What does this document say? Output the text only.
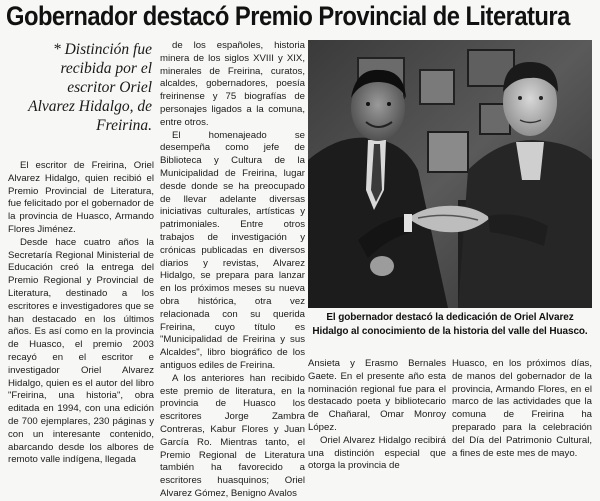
Gobernador destacó Premio Provincial de Literatura
* Distinción fue recibida por el escritor Oriel Alvarez Hidalgo, de Freirina.

El escritor de Freirina, Oriel Alvarez Hidalgo, quien recibió el Premio Provincial de Literatura, fue felicitado por el gobernador de la provincia de Huasco, Armando Flores Jiménez.

Desde hace cuatro años la Secretaría Regional Ministerial de Educación creó la entrega del Premio Regional y Provincial de Literatura, destinado a los escritores e investigadores que se han destacado en los últimos años. Es así como en la provincia de Huasco, el premio 2003 recayó en el escritor e investigador Oriel Alvarez Hidalgo, quien es el autor del libro "Freirina, una historia", obra editada en 1994, con una edición de 700 ejemplares, 230 páginas y con un interesante contenido, abarcando desde los albores de remoto valle indígena, llegada

de los españoles, historia minera de los siglos XVIII y XIX, minerales de Freirina, curatos, alcaldes, gobernadores, poesía freirinense y 75 biografías de personajes ligados a la comuna, entre otros.

El homenajeado se desempeña como jefe de Biblioteca y Cultura de la Municipalidad de Freirina, lugar desde donde se ha preocupado de llevar adelante diversas iniciativas culturales, artísticas y patrimoniales. Entre otros trabajos de investigación y crónicas publicadas en diversos diarios y revistas, Alvarez Hidalgo, se prepara para lanzar en los próximos meses su nueva obra histórica, otra vez relacionada con su querida Freirina, cuyo título es "Municipalidad de Freirina y sus Alcaldes", libro biográfico de los antiguos ediles de Freirina.

A los anteriores han recibido este premio de literatura, en la provincia de Huasco los escritores Jorge Zambra Contreras, Kabur Flores y Juan García Ro. Mientras tanto, el Premio Regional de Literatura también ha favorecido a escritores huasquinos; Oriel Alvarez Gómez, Benigno Avalos

El gobernador destacó la dedicación de Oriel Alvarez Hidalgo al conocimiento de la historia del valle del Huasco.

Ansieta y Erasmo Bernales Gaete. En el presente año esta nominación regional fue para el destacado poeta y bibliotecario de Chañaral, Omar Monroy López.

Oriel Alvarez Hidalgo recibirá una distinción especial que otorga la provincia de

Huasco, en los próximos días, de manos del gobernador de la provincia, Armando Flores, en el marco de las actividades que la comuna de Freirina ha preparado para la celebración del Día del Patrimonio Cultural, a fines de este mes de mayo.
